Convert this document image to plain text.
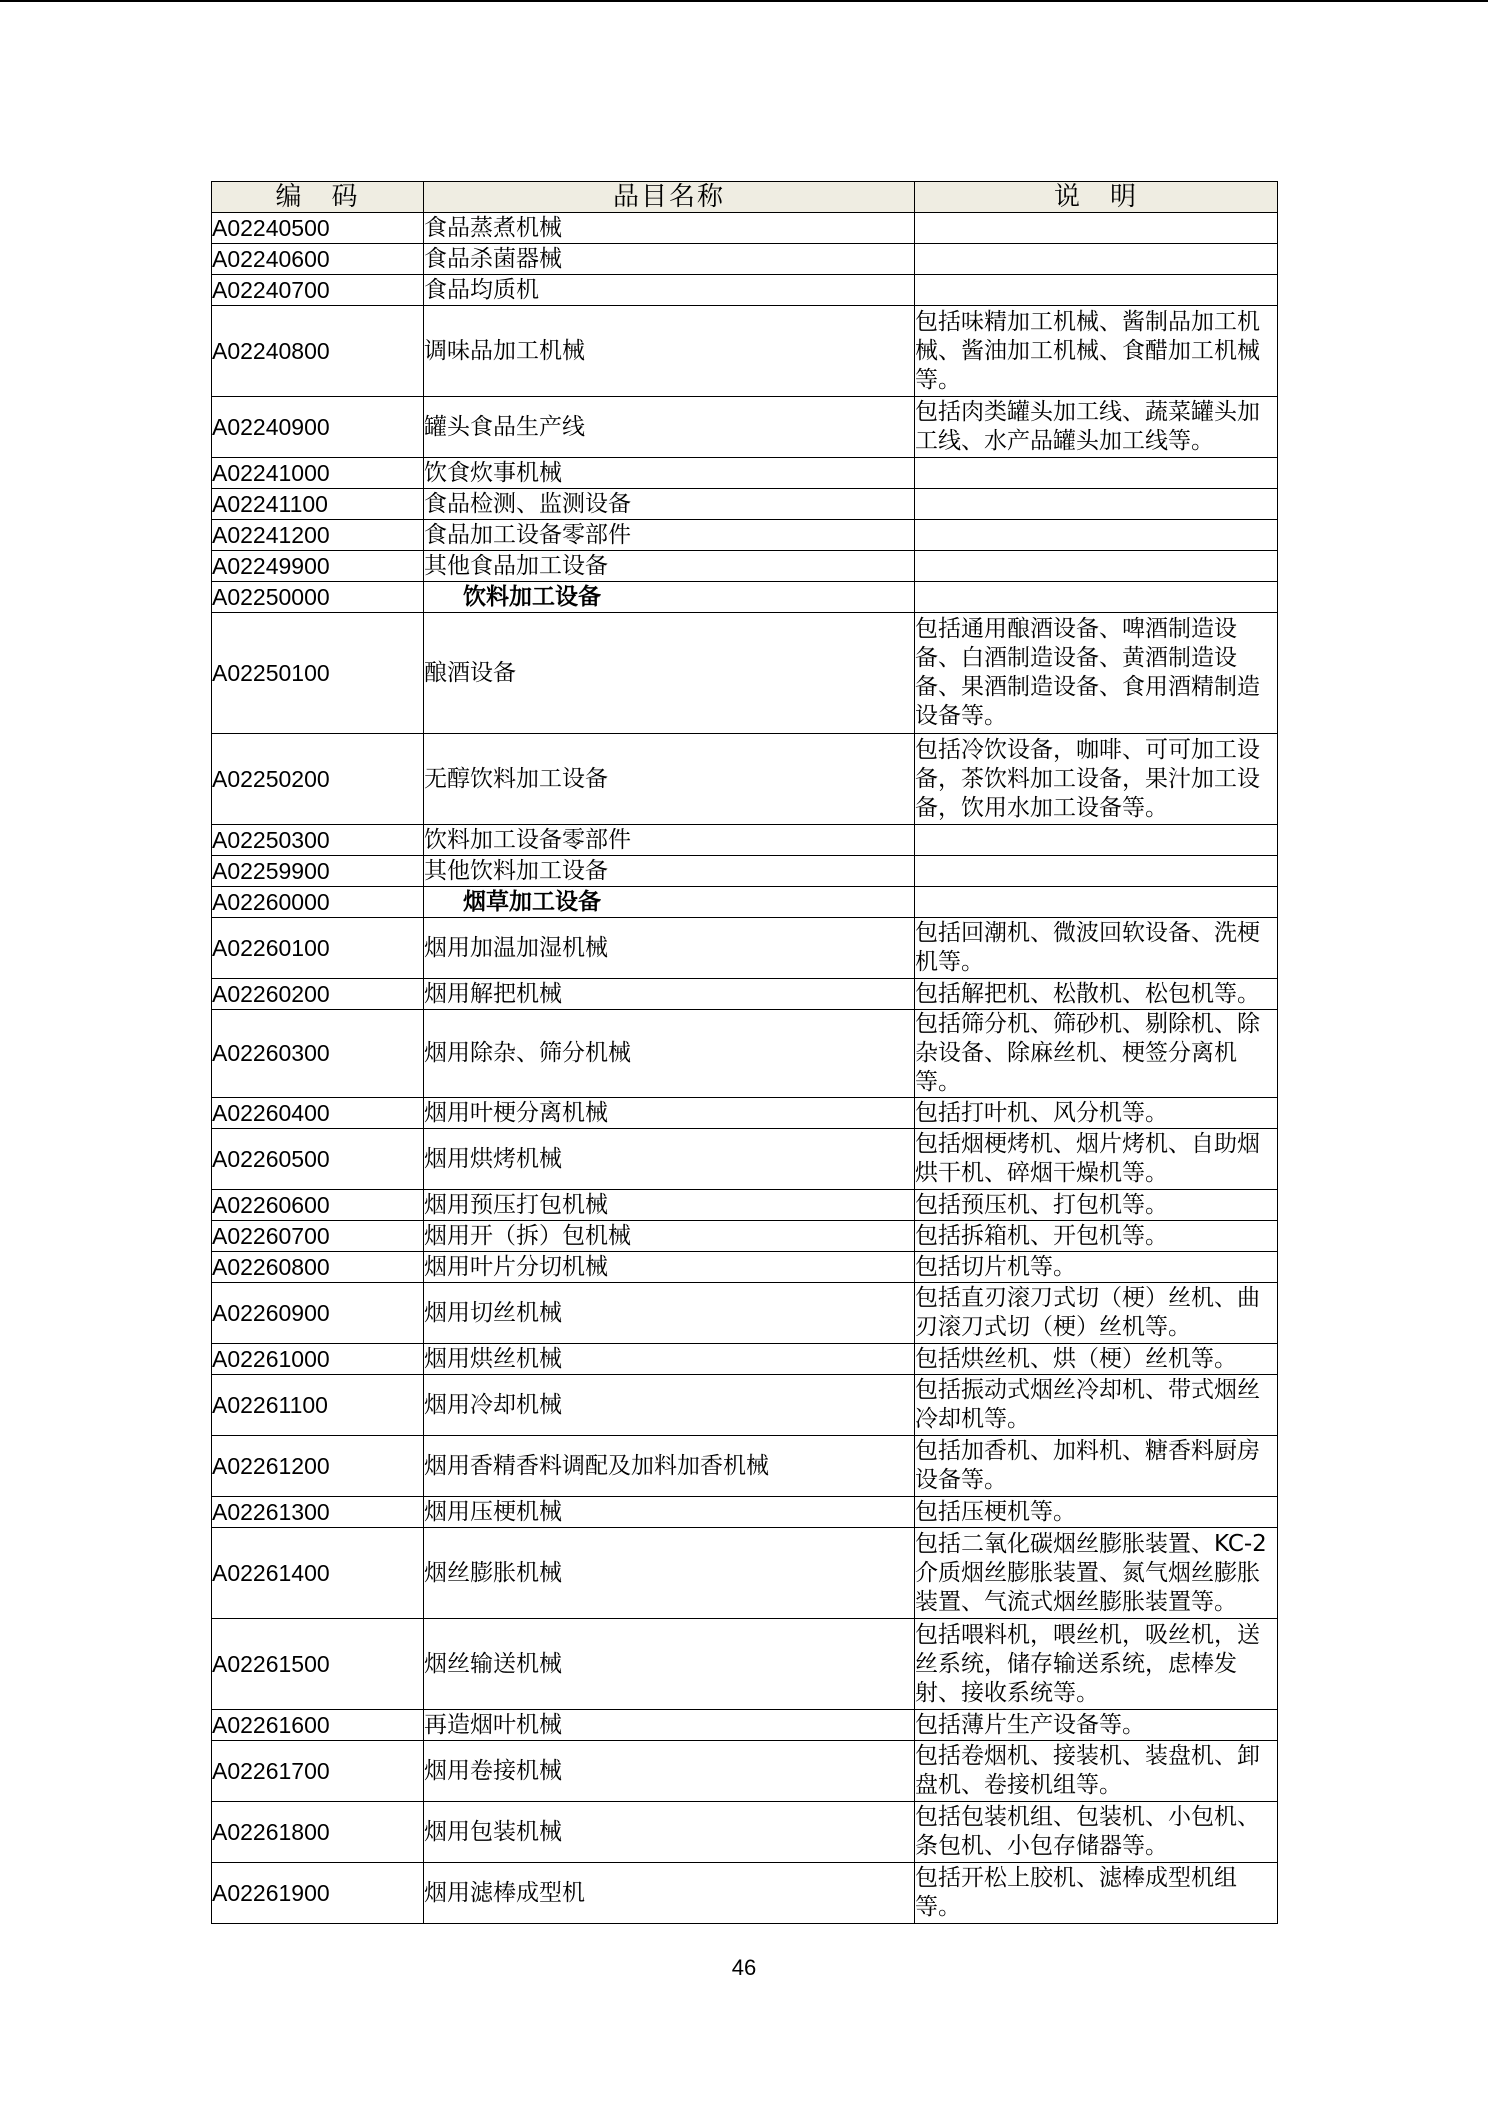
编　码	品目名称	说　明
A02240500	食品蒸煮机械	
A02240600	食品杀菌器械	
A02240700	食品均质机	
A02240800	调味品加工机械	包括味精加工机械、酱制品加工机械、酱油加工机械、食醋加工机械等。
A02240900	罐头食品生产线	包括肉类罐头加工线、蔬菜罐头加工线、水产品罐头加工线等。
A02241000	饮食炊事机械	
A02241100	食品检测、监测设备	
A02241200	食品加工设备零部件	
A02249900	其他食品加工设备	
A02250000	饮料加工设备	
A02250100	酿酒设备	包括通用酿酒设备、啤酒制造设备、白酒制造设备、黄酒制造设备、果酒制造设备、食用酒精制造设备等。
A02250200	无醇饮料加工设备	包括冷饮设备，咖啡、可可加工设备，茶饮料加工设备，果汁加工设备，饮用水加工设备等。
A02250300	饮料加工设备零部件	
A02259900	其他饮料加工设备	
A02260000	烟草加工设备	
A02260100	烟用加温加湿机械	包括回潮机、微波回软设备、洗梗机等。
A02260200	烟用解把机械	包括解把机、松散机、松包机等。
A02260300	烟用除杂、筛分机械	包括筛分机、筛砂机、剔除机、除杂设备、除麻丝机、梗签分离机等。
A02260400	烟用叶梗分离机械	包括打叶机、风分机等。
A02260500	烟用烘烤机械	包括烟梗烤机、烟片烤机、自助烟烘干机、碎烟干燥机等。
A02260600	烟用预压打包机械	包括预压机、打包机等。
A02260700	烟用开（拆）包机械	包括拆箱机、开包机等。
A02260800	烟用叶片分切机械	包括切片机等。
A02260900	烟用切丝机械	包括直刃滚刀式切（梗）丝机、曲刃滚刀式切（梗）丝机等。
A02261000	烟用烘丝机械	包括烘丝机、烘（梗）丝机等。
A02261100	烟用冷却机械	包括振动式烟丝冷却机、带式烟丝冷却机等。
A02261200	烟用香精香料调配及加料加香机械	包括加香机、加料机、糖香料厨房设备等。
A02261300	烟用压梗机械	包括压梗机等。
A02261400	烟丝膨胀机械	包括二氧化碳烟丝膨胀装置、KC-2介质烟丝膨胀装置、氮气烟丝膨胀装置、气流式烟丝膨胀装置等。
A02261500	烟丝输送机械	包括喂料机，喂丝机，吸丝机，送丝系统，储存输送系统，虑棒发射、接收系统等。
A02261600	再造烟叶机械	包括薄片生产设备等。
A02261700	烟用卷接机械	包括卷烟机、接装机、装盘机、卸盘机、卷接机组等。
A02261800	烟用包装机械	包括包装机组、包装机、小包机、条包机、小包存储器等。
A02261900	烟用滤棒成型机	包括开松上胶机、滤棒成型机组等。
46
